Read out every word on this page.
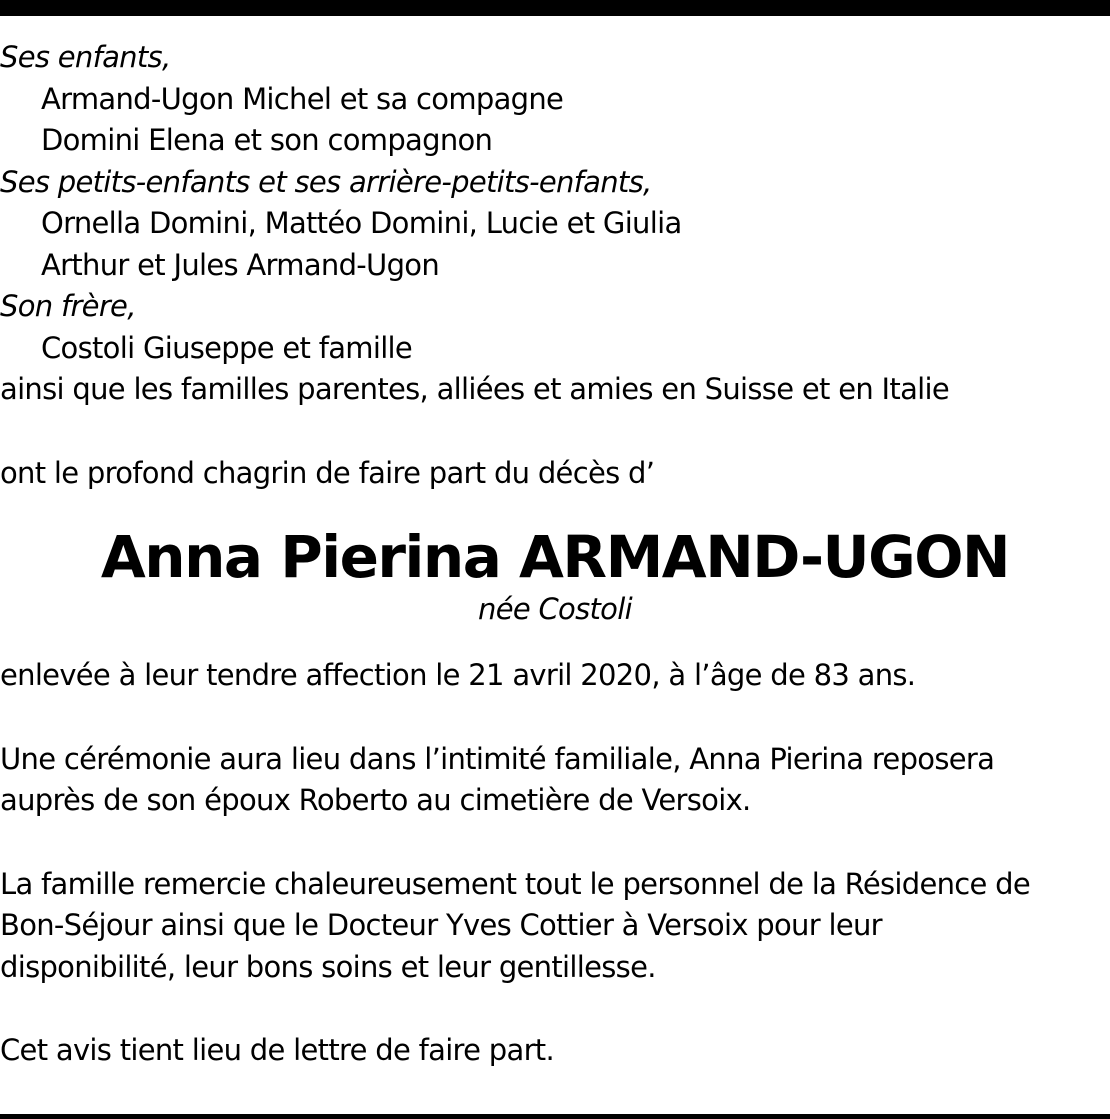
Ses enfants,
Armand-Ugon Michel et sa compagne
Domini Elena et son compagnon
Ses petits-enfants et ses arrière-petits-enfants,
Ornella Domini, Mattéo Domini, Lucie et Giulia
Arthur et Jules Armand-Ugon
Son frère,
Costoli Giuseppe et famille
ainsi que les familles parentes, alliées et amies en Suisse et en Italie
ont le profond chagrin de faire part du décès d’
Anna Pierina ARMAND-UGON
née Costoli
enlevée à leur tendre affection le 21 avril 2020, à l’âge de 83 ans.
Une cérémonie aura lieu dans l’intimité familiale, Anna Pierina reposera
auprès de son époux Roberto au cimetière de Versoix.
La famille remercie chaleureusement tout le personnel de la Résidence de
Bon-Séjour ainsi que le Docteur Yves Cottier à Versoix pour leur
disponibilité, leur bons soins et leur gentillesse.
Cet avis tient lieu de lettre de faire part.
